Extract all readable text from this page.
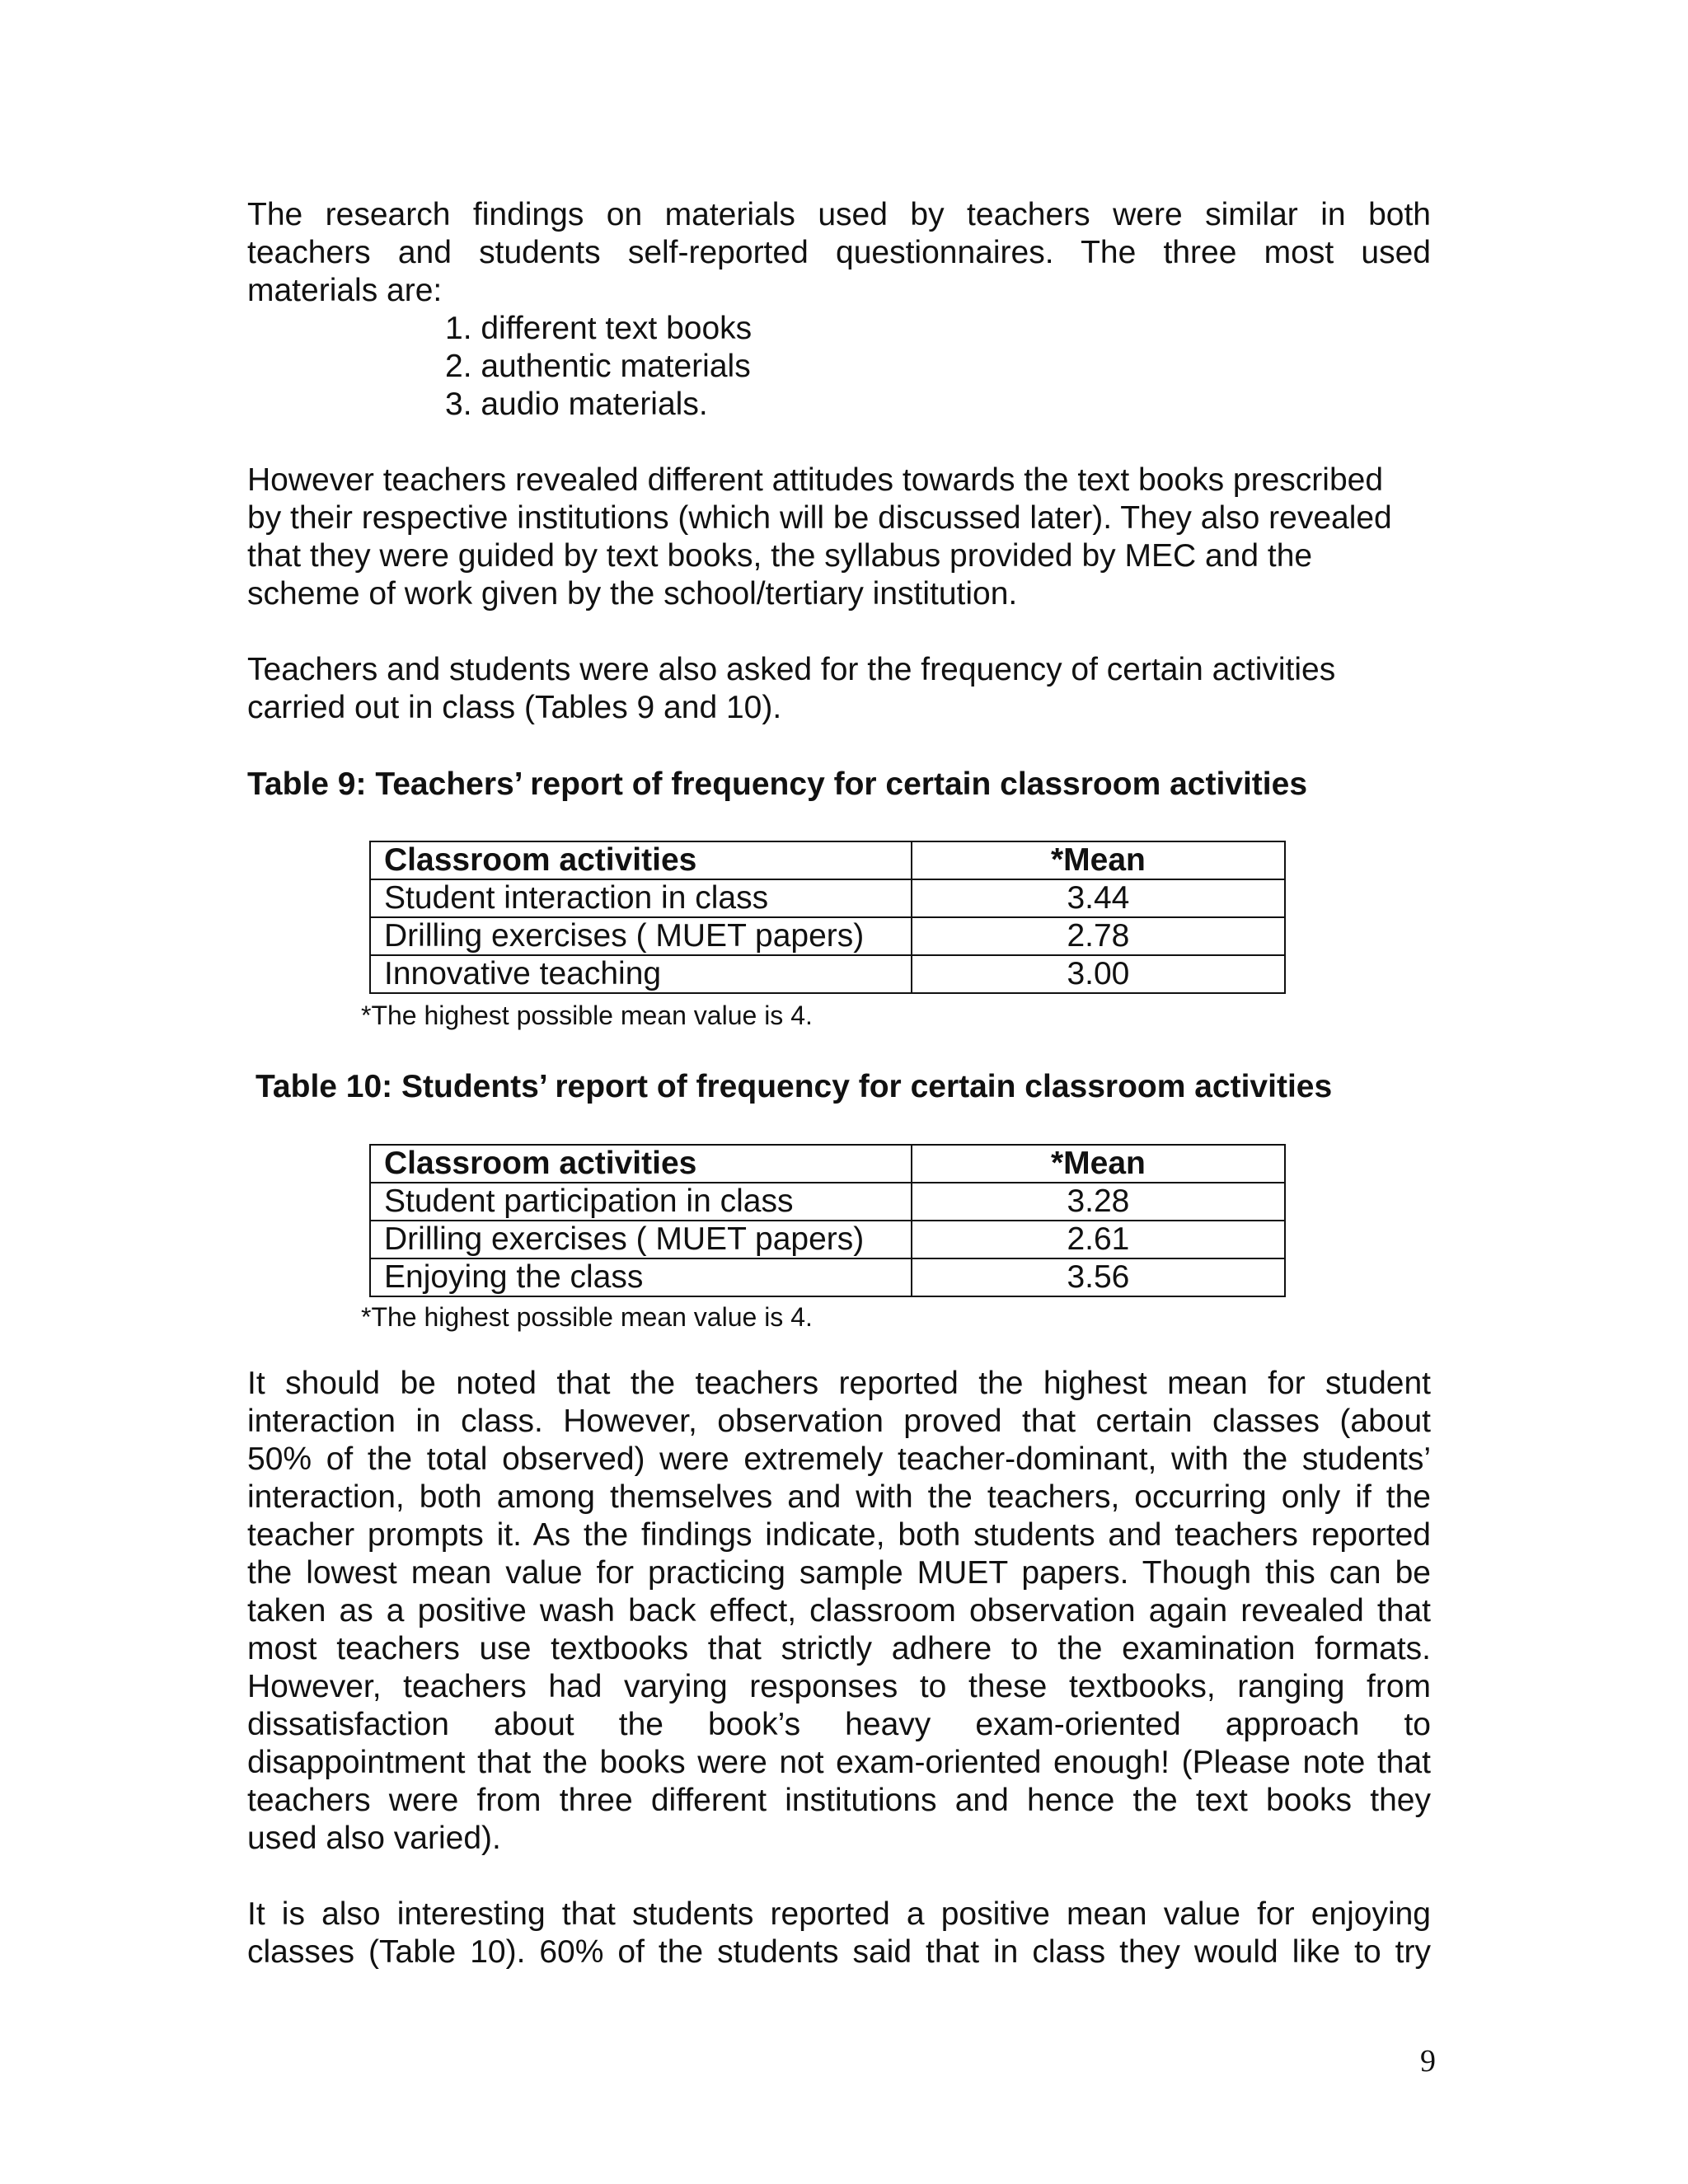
The research findings on materials used by teachers were similar in both
teachers and students self-reported questionnaires. The three most used
materials are:
1. different text books
2. authentic materials
3. audio materials.
However teachers revealed different attitudes towards the text books prescribed
by their respective institutions (which will be discussed later). They also revealed
that they were guided by text books, the syllabus provided by MEC and the
scheme of work given by the school/tertiary institution.
Teachers and students were also asked for the frequency of certain activities
carried out in class (Tables 9 and 10).

Table 9: Teachers’ report of frequency for certain classroom activities

Classroom activities	*Mean
Student interaction in class	3.44
Drilling exercises ( MUET papers)	2.78
Innovative teaching	3.00

*The highest possible mean value is 4.

Table 10: Students’ report of frequency for certain classroom activities

Classroom activities	*Mean
Student participation in class	3.28
Drilling exercises ( MUET papers)	2.61
Enjoying the class	3.56

*The highest possible mean value is 4.

It should be noted that the teachers reported the highest mean for student
interaction in class. However, observation proved that certain classes (about
50% of the total observed) were extremely teacher-dominant, with the students’
interaction, both among themselves and with the teachers, occurring only if the
teacher prompts it. As the findings indicate, both students and teachers reported
the lowest mean value for practicing sample MUET papers. Though this can be
taken as a positive wash back effect, classroom observation again revealed that
most teachers use textbooks that strictly adhere to the examination formats.
However, teachers had varying responses to these textbooks, ranging from
dissatisfaction about the book’s heavy exam-oriented approach to
disappointment that the books were not exam-oriented enough! (Please note that
teachers were from three different institutions and hence the text books they
used also varied).
It is also interesting that students reported a positive mean value for enjoying
classes (Table 10). 60% of the students said that in class they would like to try
9
